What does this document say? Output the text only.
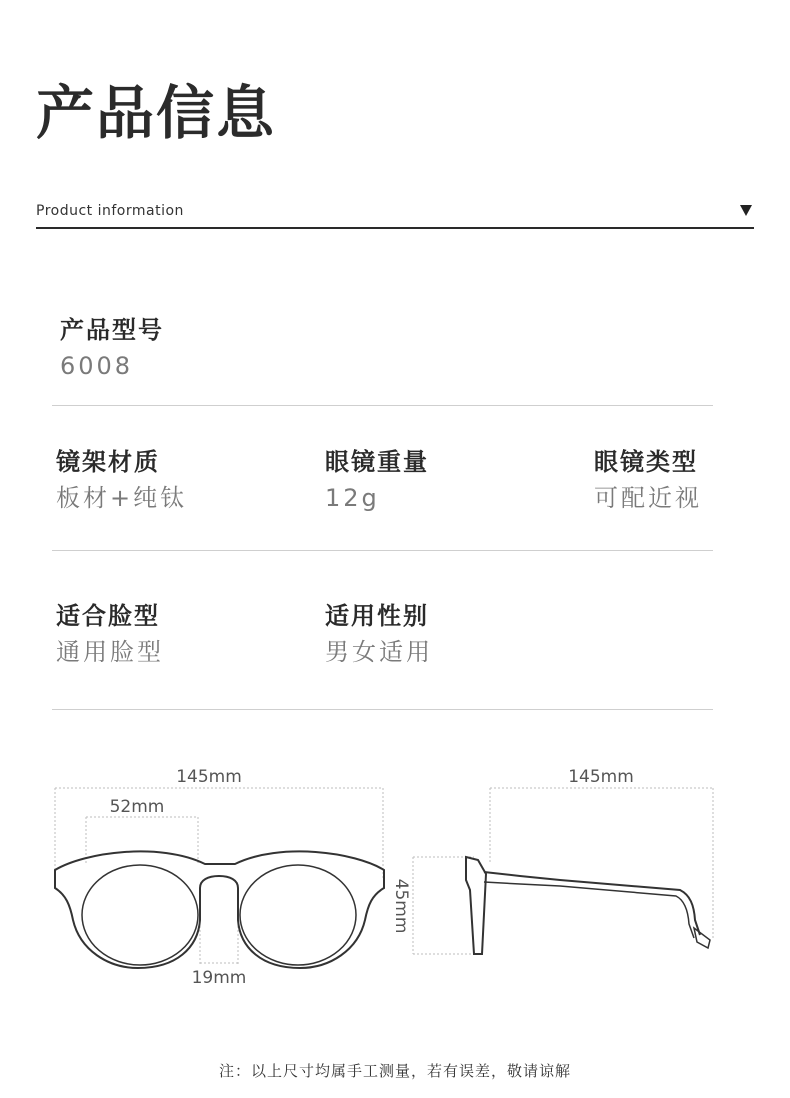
产品信息
Product information
产品型号
6008
镜架材质
板材+纯钛
眼镜重量
12g
眼镜类型
可配近视
适合脸型
通用脸型
适用性别
男女适用
145mm
52mm
19mm
45mm
145mm
注：以上尺寸均属手工测量，若有误差，敬请谅解
